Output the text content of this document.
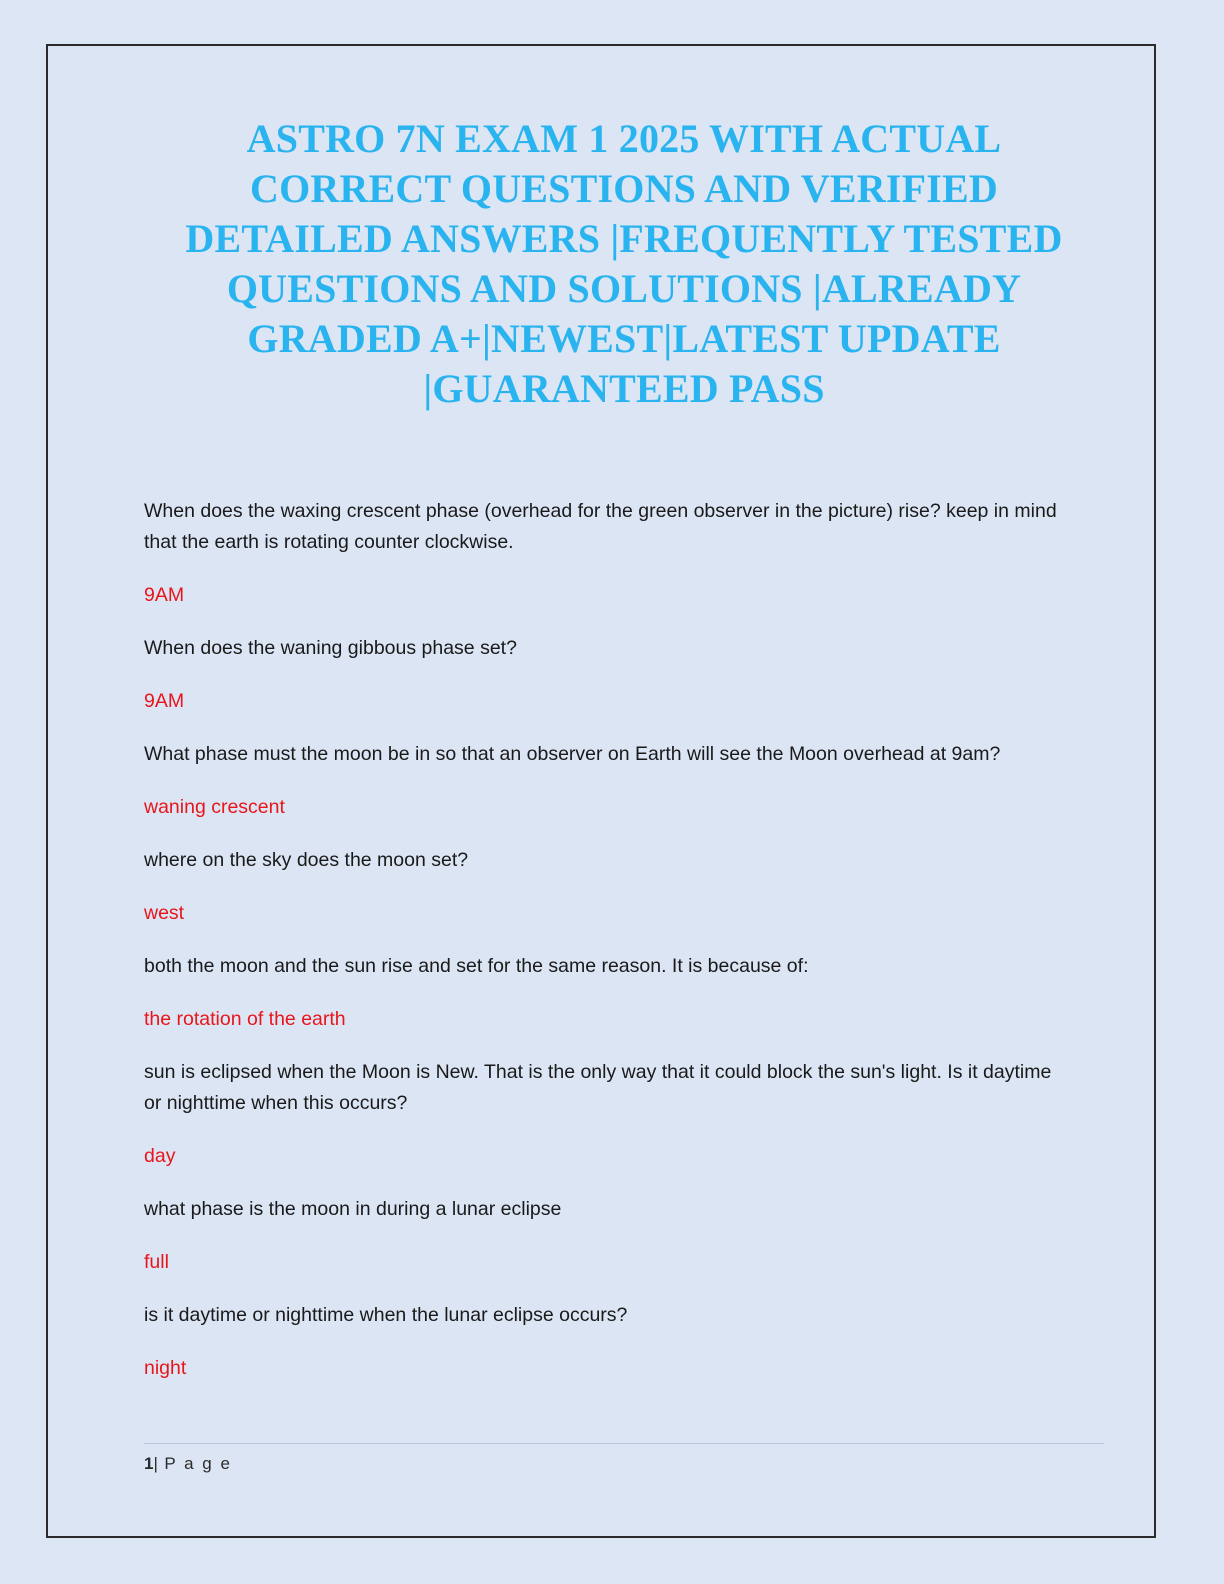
ASTRO 7N EXAM 1 2025 WITH ACTUAL CORRECT QUESTIONS AND VERIFIED DETAILED ANSWERS |FREQUENTLY TESTED QUESTIONS AND SOLUTIONS |ALREADY GRADED A+|NEWEST|LATEST UPDATE |GUARANTEED PASS

When does the waxing crescent phase (overhead for the green observer in the picture) rise? keep in mind that the earth is rotating counter clockwise.

9AM

When does the waning gibbous phase set?

9AM

What phase must the moon be in so that an observer on Earth will see the Moon overhead at 9am?

waning crescent

where on the sky does the moon set?

west

both the moon and the sun rise and set for the same reason. It is because of:

the rotation of the earth

sun is eclipsed when the Moon is New. That is the only way that it could block the sun's light. Is it daytime or nighttime when this occurs?

day

what phase is the moon in during a lunar eclipse

full

is it daytime or nighttime when the lunar eclipse occurs?

night

1| P a g e
